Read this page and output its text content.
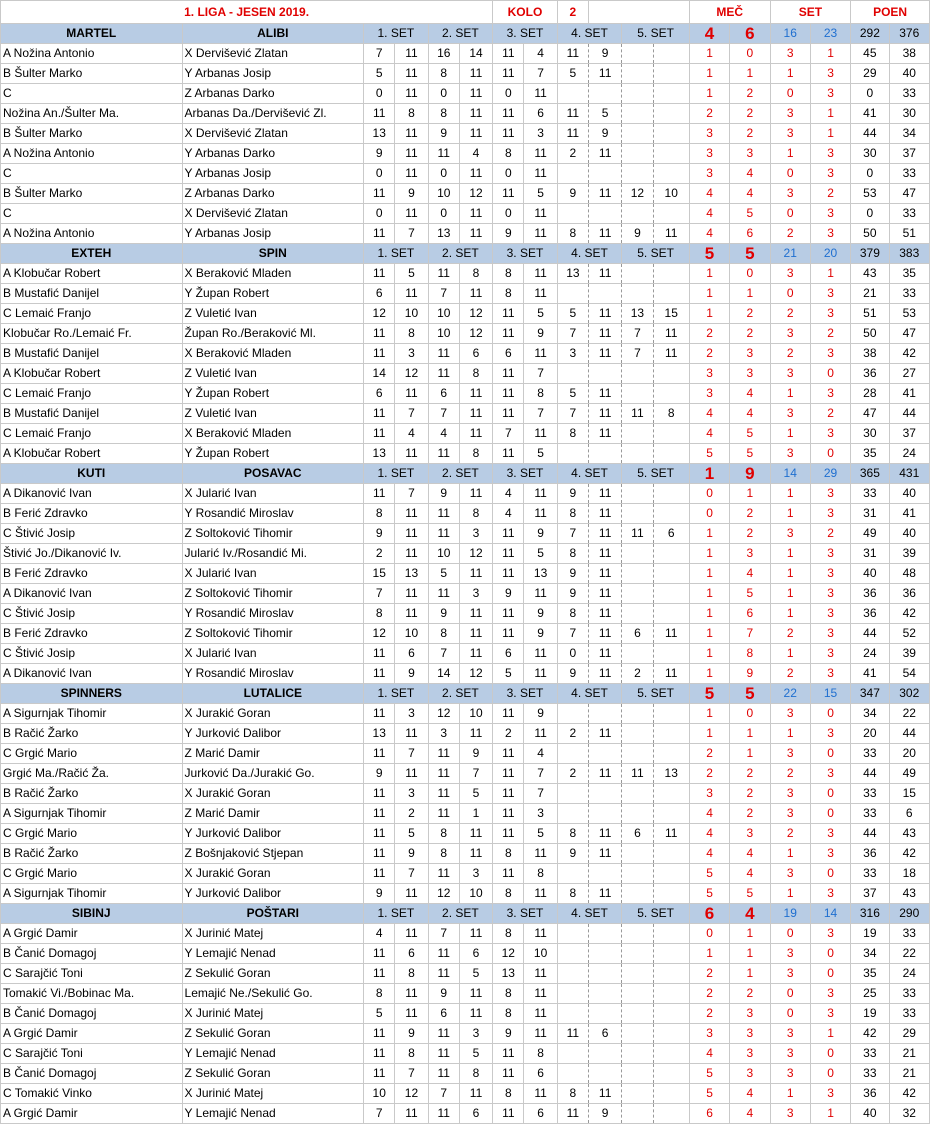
1. LIGA - JESEN 2019.						KOLO		2				MEČ		SET		POEN	
MARTEL	ALIBI	1. SET		2. SET		3. SET		4. SET		5. SET		4	6	16	23	292	376
A Nožina Antonio	X Dervišević Zlatan	7	11	16	14	11	4	11	9			1	0	3	1	45	38
B Šulter Marko	Y Arbanas Josip	5	11	8	11	11	7	5	11			1	1	1	3	29	40
C	Z Arbanas Darko	0	11	0	11	0	11					1	2	0	3	0	33
Nožina An./Šulter Ma.	Arbanas Da./Dervišević Zl.	11	8	8	11	11	6	11	5			2	2	3	1	41	30
B Šulter Marko	X Dervišević Zlatan	13	11	9	11	11	3	11	9			3	2	3	1	44	34
A Nožina Antonio	Y Arbanas Darko	9	11	11	4	8	11	2	11			3	3	1	3	30	37
C	Y Arbanas Josip	0	11	0	11	0	11					3	4	0	3	0	33
B Šulter Marko	Z Arbanas Darko	11	9	10	12	11	5	9	11	12	10	4	4	3	2	53	47
C	X Dervišević Zlatan	0	11	0	11	0	11					4	5	0	3	0	33
A Nožina Antonio	Y Arbanas Josip	11	7	13	11	9	11	8	11	9	11	4	6	2	3	50	51
EXTEH	SPIN	1. SET		2. SET		3. SET		4. SET		5. SET		5	5	21	20	379	383
A Klobučar Robert	X Beraković Mladen	11	5	11	8	8	11	13	11			1	0	3	1	43	35
B Mustafić Danijel	Y Župan Robert	6	11	7	11	8	11					1	1	0	3	21	33
C Lemaić Franjo	Z Vuletić Ivan	12	10	10	12	11	5	5	11	13	15	1	2	2	3	51	53
Klobučar Ro./Lemaić Fr.	Župan Ro./Beraković Ml.	11	8	10	12	11	9	7	11	7	11	2	2	3	2	50	47
B Mustafić Danijel	X Beraković Mladen	11	3	11	6	6	11	3	11	7	11	2	3	2	3	38	42
A Klobučar Robert	Z Vuletić Ivan	14	12	11	8	11	7					3	3	3	0	36	27
C Lemaić Franjo	Y Župan Robert	6	11	6	11	11	8	5	11			3	4	1	3	28	41
B Mustafić Danijel	Z Vuletić Ivan	11	7	7	11	11	7	7	11	11	8	4	4	3	2	47	44
C Lemaić Franjo	X Beraković Mladen	11	4	4	11	7	11	8	11			4	5	1	3	30	37
A Klobučar Robert	Y Župan Robert	13	11	11	8	11	5					5	5	3	0	35	24
KUTI	POSAVAC	1. SET		2. SET		3. SET		4. SET		5. SET		1	9	14	29	365	431
A Dikanović Ivan	X Jularić Ivan	11	7	9	11	4	11	9	11			0	1	1	3	33	40
B Ferić Zdravko	Y Rosandić Miroslav	8	11	11	8	4	11	8	11			0	2	1	3	31	41
C Štivić Josip	Z Soltoković Tihomir	9	11	11	3	11	9	7	11	11	6	1	2	3	2	49	40
Štivić Jo./Dikanović Iv.	Jularić Iv./Rosandić Mi.	2	11	10	12	11	5	8	11			1	3	1	3	31	39
B Ferić Zdravko	X Jularić Ivan	15	13	5	11	11	13	9	11			1	4	1	3	40	48
A Dikanović Ivan	Z Soltoković Tihomir	7	11	11	3	9	11	9	11			1	5	1	3	36	36
C Štivić Josip	Y Rosandić Miroslav	8	11	9	11	11	9	8	11			1	6	1	3	36	42
B Ferić Zdravko	Z Soltoković Tihomir	12	10	8	11	11	9	7	11	6	11	1	7	2	3	44	52
C Štivić Josip	X Jularić Ivan	11	6	7	11	6	11	0	11			1	8	1	3	24	39
A Dikanović Ivan	Y Rosandić Miroslav	11	9	14	12	5	11	9	11	2	11	1	9	2	3	41	54
SPINNERS	LUTALICE	1. SET		2. SET		3. SET		4. SET		5. SET		5	5	22	15	347	302
A Sigurnjak Tihomir	X Jurakić Goran	11	3	12	10	11	9					1	0	3	0	34	22
B Račić Žarko	Y Jurković Dalibor	13	11	3	11	2	11	2	11			1	1	1	3	20	44
C Grgić Mario	Z Marić Damir	11	7	11	9	11	4					2	1	3	0	33	20
Grgić Ma./Račić Ža.	Jurković Da./Jurakić Go.	9	11	11	7	11	7	2	11	11	13	2	2	2	3	44	49
B Račić Žarko	X Jurakić Goran	11	3	11	5	11	7					3	2	3	0	33	15
A Sigurnjak Tihomir	Z Marić Damir	11	2	11	1	11	3					4	2	3	0	33	6
C Grgić Mario	Y Jurković Dalibor	11	5	8	11	11	5	8	11	6	11	4	3	2	3	44	43
B Račić Žarko	Z Bošnjaković Stjepan	11	9	8	11	8	11	9	11			4	4	1	3	36	42
C Grgić Mario	X Jurakić Goran	11	7	11	3	11	8					5	4	3	0	33	18
A Sigurnjak Tihomir	Y Jurković Dalibor	9	11	12	10	8	11	8	11			5	5	1	3	37	43
SIBINJ	POŠTARI	1. SET		2. SET		3. SET		4. SET		5. SET		6	4	19	14	316	290
A Grgić Damir	X Jurinić Matej	4	11	7	11	8	11					0	1	0	3	19	33
B Čanić Domagoj	Y Lemajić Nenad	11	6	11	6	12	10					1	1	3	0	34	22
C Sarajčić Toni	Z Sekulić Goran	11	8	11	5	13	11					2	1	3	0	35	24
Tomakić Vi./Bobinac Ma.	Lemajić Ne./Sekulić Go.	8	11	9	11	8	11					2	2	0	3	25	33
B Čanić Domagoj	X Jurinić Matej	5	11	6	11	8	11					2	3	0	3	19	33
A Grgić Damir	Z Sekulić Goran	11	9	11	3	9	11	11	6			3	3	3	1	42	29
C Sarajčić Toni	Y Lemajić Nenad	11	8	11	5	11	8					4	3	3	0	33	21
B Čanić Domagoj	Z Sekulić Goran	11	7	11	8	11	6					5	3	3	0	33	21
C Tomakić Vinko	X Jurinić Matej	10	12	7	11	8	11	8	11			5	4	1	3	36	42
A Grgić Damir	Y Lemajić Nenad	7	11	11	6	11	6	11	9			6	4	3	1	40	32
